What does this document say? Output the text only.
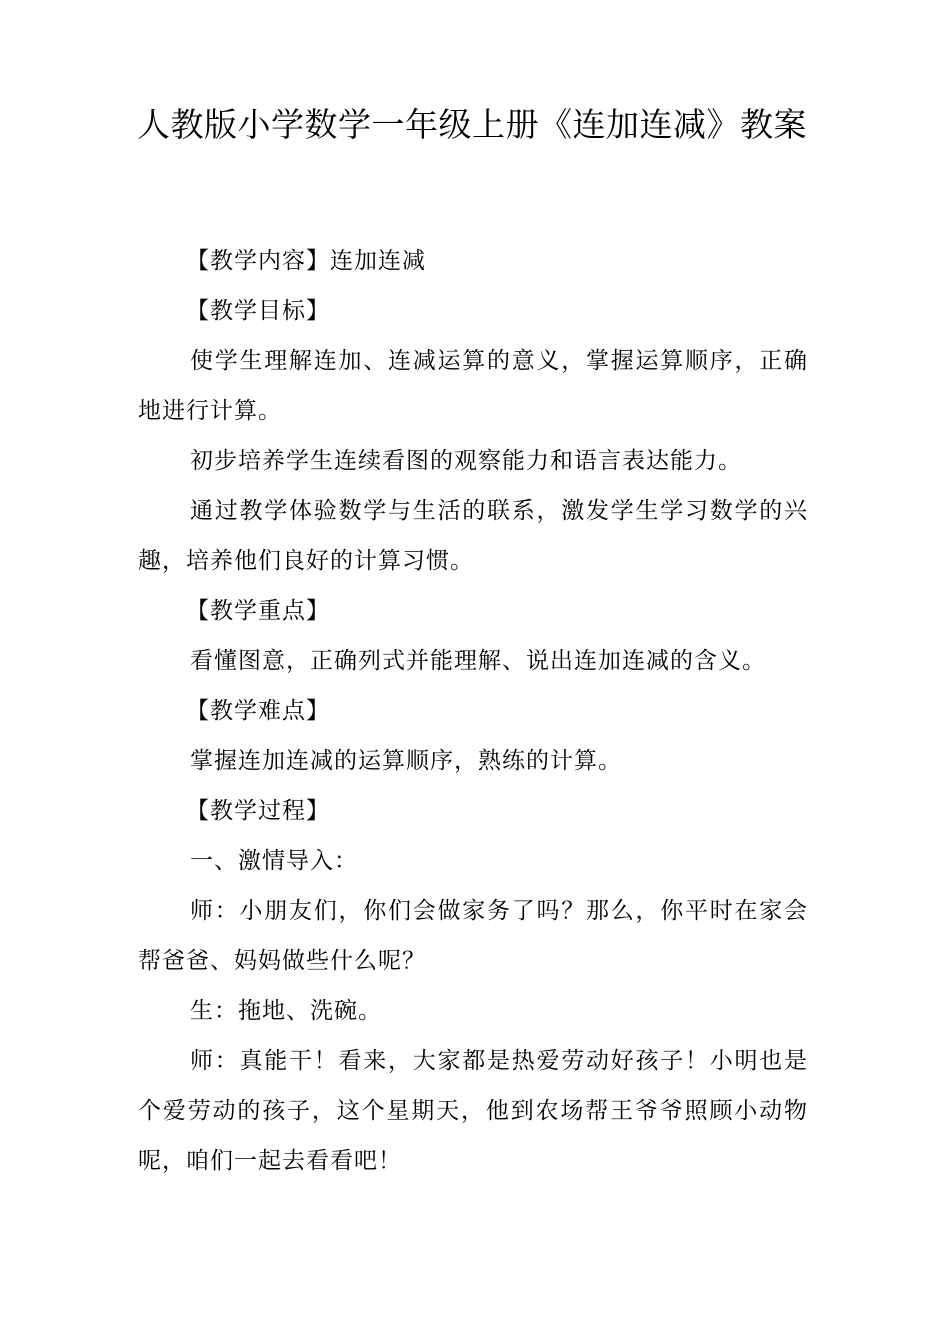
人教版小学数学一年级上册《连加连减》教案

【教学内容】连加连减

【教学目标】

使学生理解连加、连减运算的意义，掌握运算顺序，正确地进行计算。

初步培养学生连续看图的观察能力和语言表达能力。

通过教学体验数学与生活的联系，激发学生学习数学的兴趣，培养他们良好的计算习惯。

【教学重点】

看懂图意，正确列式并能理解、说出连加连减的含义。

【教学难点】

掌握连加连减的运算顺序，熟练的计算。

【教学过程】

一、激情导入：

师：小朋友们，你们会做家务了吗？那么，你平时在家会帮爸爸、妈妈做些什么呢？

生：拖地、洗碗。

师：真能干！看来，大家都是热爱劳动好孩子！小明也是个爱劳动的孩子，这个星期天，他到农场帮王爷爷照顾小动物呢，咱们一起去看看吧！
